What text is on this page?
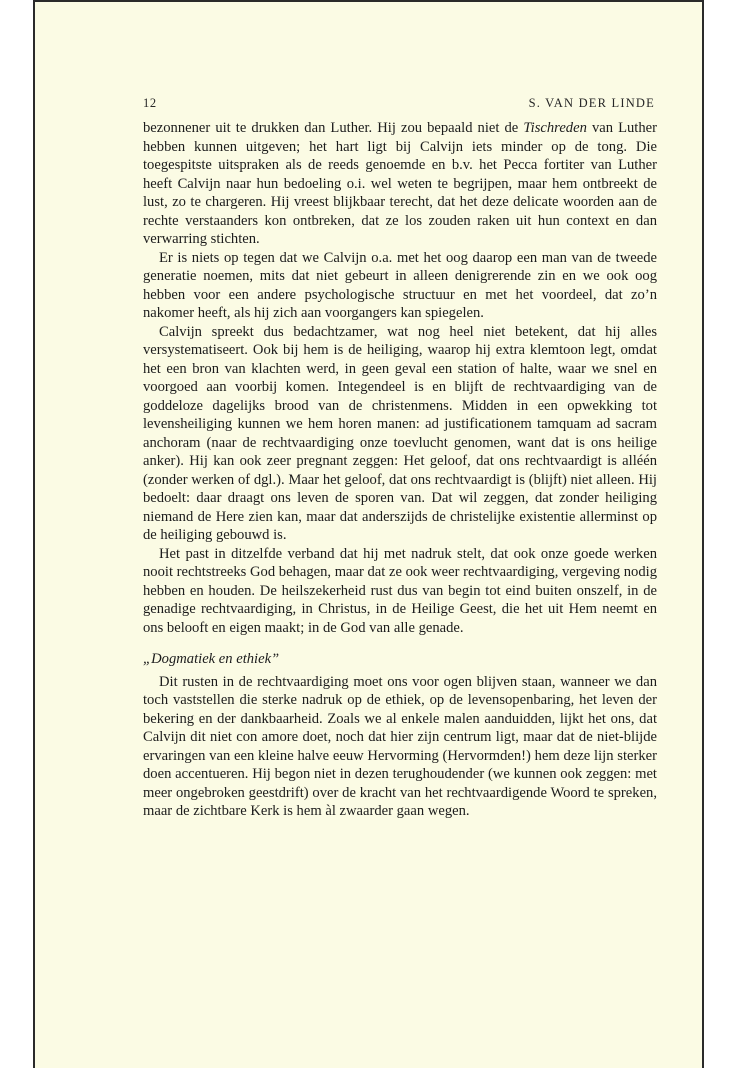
12	S. VAN DER LINDE

bezonnener uit te drukken dan Luther. Hij zou bepaald niet de Tischreden van Luther hebben kunnen uitgeven; het hart ligt bij Calvijn iets minder op de tong. Die toegespitste uitspraken als de reeds genoemde en b.v. het Pecca fortiter van Luther heeft Calvijn naar hun bedoeling o.i. wel weten te begrijpen, maar hem ontbreekt de lust, zo te chargeren. Hij vreest blijkbaar terecht, dat het deze delicate woorden aan de rechte verstaanders kon ontbreken, dat ze los zouden raken uit hun context en dan verwarring stichten.

Er is niets op tegen dat we Calvijn o.a. met het oog daarop een man van de tweede generatie noemen, mits dat niet gebeurt in alleen denigrerende zin en we ook oog hebben voor een andere psychologische structuur en met het voordeel, dat zo’n nakomer heeft, als hij zich aan voorgangers kan spiegelen.

Calvijn spreekt dus bedachtzamer, wat nog heel niet betekent, dat hij alles versystematiseert. Ook bij hem is de heiliging, waarop hij extra klemtoon legt, omdat het een bron van klachten werd, in geen geval een station of halte, waar we snel en voorgoed aan voorbij komen. Integendeel is en blijft de rechtvaardiging van de goddeloze dagelijks brood van de christenmens. Midden in een opwekking tot levensheiliging kunnen we hem horen manen: ad justificationem tamquam ad sacram anchoram (naar de rechtvaardiging onze toevlucht genomen, want dat is ons heilige anker). Hij kan ook zeer pregnant zeggen: Het geloof, dat ons rechtvaardigt is alléén (zonder werken of dgl.). Maar het geloof, dat ons rechtvaardigt is (blijft) niet alleen. Hij bedoelt: daar draagt ons leven de sporen van. Dat wil zeggen, dat zonder heiliging niemand de Here zien kan, maar dat anderszijds de christelijke existentie allerminst op de heiliging gebouwd is.

Het past in ditzelfde verband dat hij met nadruk stelt, dat ook onze goede werken nooit rechtstreeks God behagen, maar dat ze ook weer rechtvaardiging, vergeving nodig hebben en houden. De heilszekerheid rust dus van begin tot eind buiten onszelf, in de genadige rechtvaardiging, in Christus, in de Heilige Geest, die het uit Hem neemt en ons belooft en eigen maakt; in de God van alle genade.

„Dogmatiek en ethiek”

Dit rusten in de rechtvaardiging moet ons voor ogen blijven staan, wanneer we dan toch vaststellen die sterke nadruk op de ethiek, op de levensopenbaring, het leven der bekering en der dankbaarheid. Zoals we al enkele malen aanduidden, lijkt het ons, dat Calvijn dit niet con amore doet, noch dat hier zijn centrum ligt, maar dat de niet-blijde ervaringen van een kleine halve eeuw Hervorming (Hervormden!) hem deze lijn sterker doen accentueren. Hij begon niet in dezen terughoudender (we kunnen ook zeggen: met meer ongebroken geestdrift) over de kracht van het rechtvaardigende Woord te spreken, maar de zichtbare Kerk is hem àl zwaarder gaan wegen.
